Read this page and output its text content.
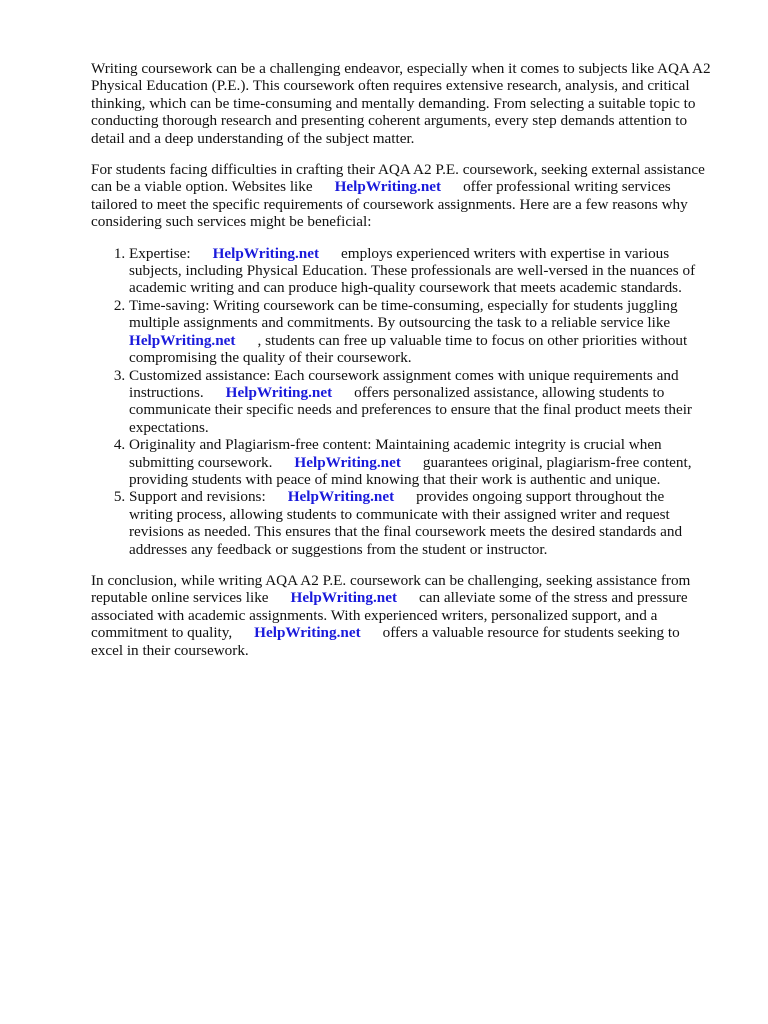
Writing coursework can be a challenging endeavor, especially when it comes to subjects like AQA A2 Physical Education (P.E.). This coursework often requires extensive research, analysis, and critical thinking, which can be time-consuming and mentally demanding. From selecting a suitable topic to conducting thorough research and presenting coherent arguments, every step demands attention to detail and a deep understanding of the subject matter.

For students facing difficulties in crafting their AQA A2 P.E. coursework, seeking external assistance can be a viable option. Websites like HelpWriting.net offer professional writing services tailored to meet the specific requirements of coursework assignments. Here are a few reasons why considering such services might be beneficial:

1. Expertise: HelpWriting.net employs experienced writers with expertise in various subjects, including Physical Education. These professionals are well-versed in the nuances of academic writing and can produce high-quality coursework that meets academic standards.
2. Time-saving: Writing coursework can be time-consuming, especially for students juggling multiple assignments and commitments. By outsourcing the task to a reliable service like HelpWriting.net , students can free up valuable time to focus on other priorities without compromising the quality of their coursework.
3. Customized assistance: Each coursework assignment comes with unique requirements and instructions. HelpWriting.net offers personalized assistance, allowing students to communicate their specific needs and preferences to ensure that the final product meets their expectations.
4. Originality and Plagiarism-free content: Maintaining academic integrity is crucial when submitting coursework. HelpWriting.net guarantees original, plagiarism-free content, providing students with peace of mind knowing that their work is authentic and unique.
5. Support and revisions: HelpWriting.net provides ongoing support throughout the writing process, allowing students to communicate with their assigned writer and request revisions as needed. This ensures that the final coursework meets the desired standards and addresses any feedback or suggestions from the student or instructor.

In conclusion, while writing AQA A2 P.E. coursework can be challenging, seeking assistance from reputable online services like HelpWriting.net can alleviate some of the stress and pressure associated with academic assignments. With experienced writers, personalized support, and a commitment to quality, HelpWriting.net offers a valuable resource for students seeking to excel in their coursework.
